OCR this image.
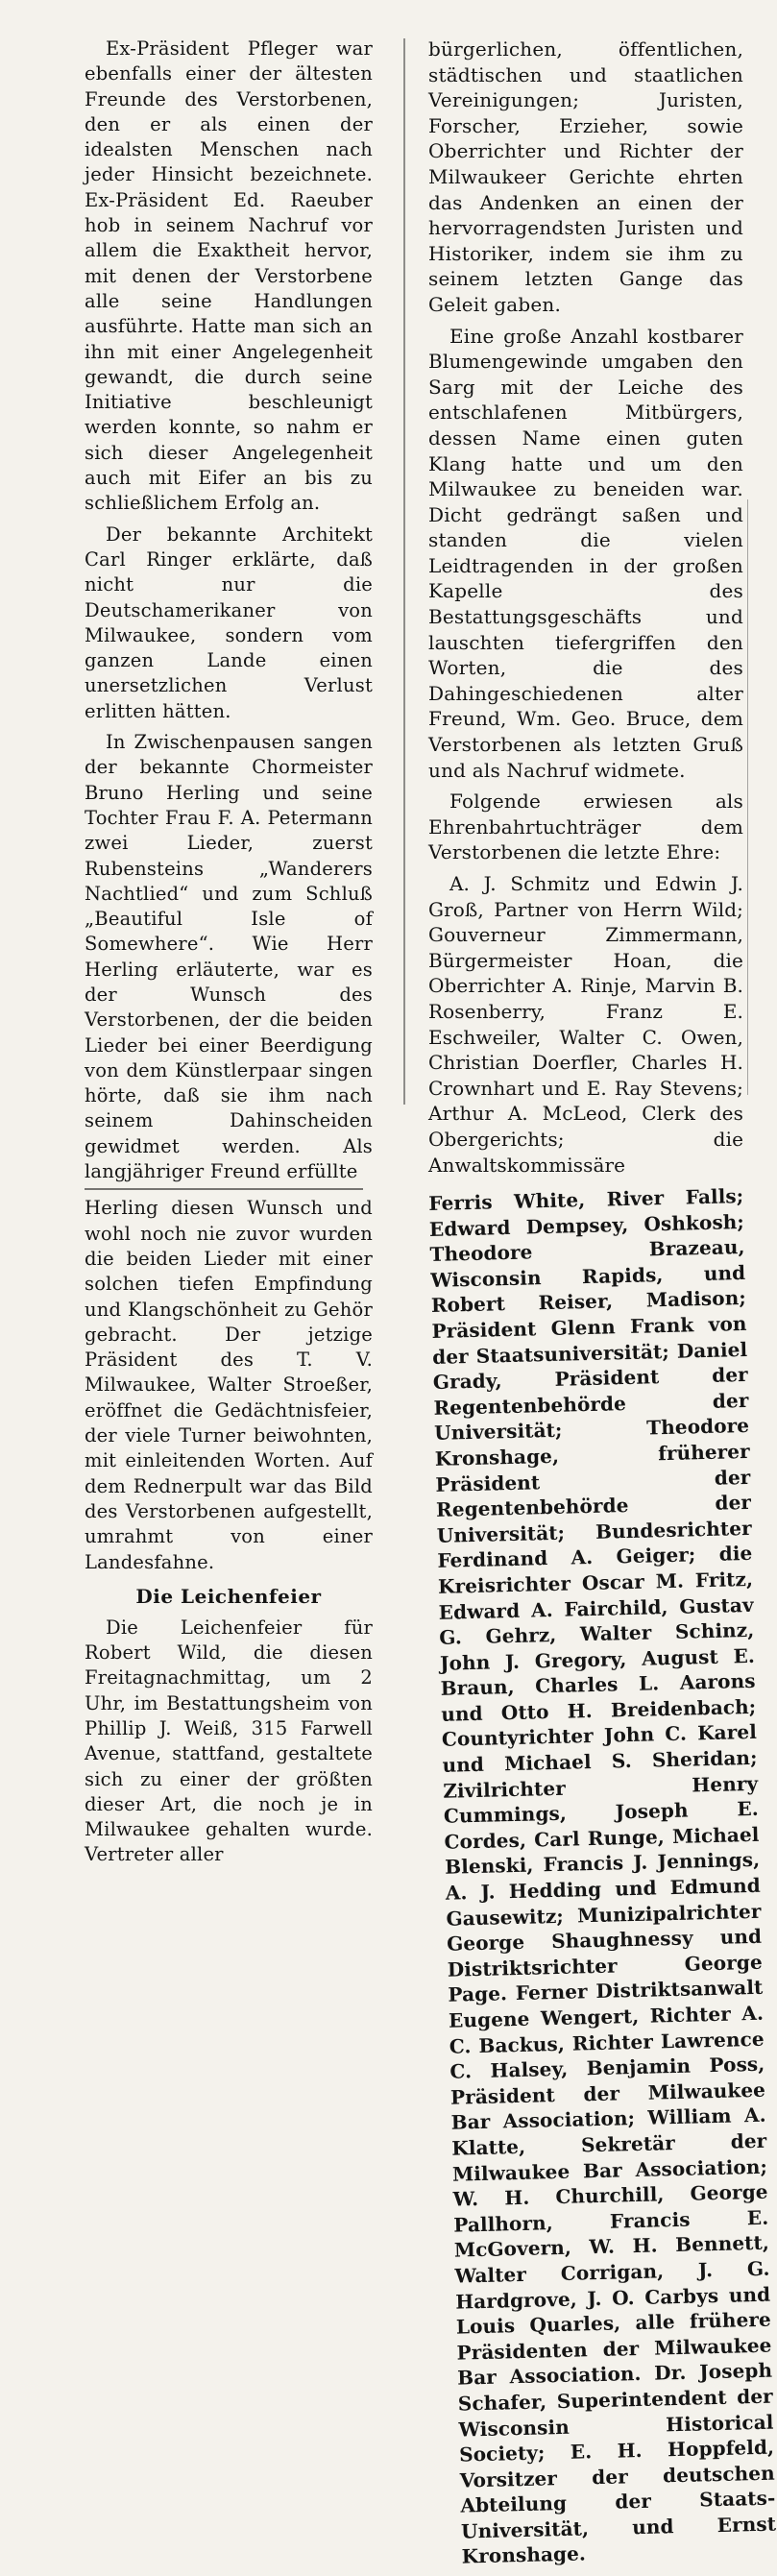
Ex-Präsident Pfleger war ebenfalls einer der ältesten Freunde des Verstorbenen, den er als einen der idealsten Menschen nach jeder Hinsicht bezeichnete. Ex-Präsident Ed. Raeuber hob in seinem Nachruf vor allem die Exaktheit hervor, mit denen der Verstorbene alle seine Handlungen ausführte. Hatte man sich an ihn mit einer Angelegenheit gewandt, die durch seine Initiative beschleunigt werden konnte, so nahm er sich dieser Angelegenheit auch mit Eifer an bis zu schließlichem Erfolg an.

Der bekannte Architekt Carl Ringer erklärte, daß nicht nur die Deutschamerikaner von Milwaukee, sondern vom ganzen Lande einen unersetzlichen Verlust erlitten hätten.

In Zwischenpausen sangen der bekannte Chormeister Bruno Herling und seine Tochter Frau F. A. Petermann zwei Lieder, zuerst Rubensteins „Wanderers Nachtlied“ und zum Schluß „Beautiful Isle of Somewhere“. Wie Herr Herling erläuterte, war es der Wunsch des Verstorbenen, der die beiden Lieder bei einer Beerdigung von dem Künstlerpaar singen hörte, daß sie ihm nach seinem Dahinscheiden gewidmet werden. Als langjähriger Freund erfüllte

Herling diesen Wunsch und wohl noch nie zuvor wurden die beiden Lieder mit einer solchen tiefen Empfindung und Klangschönheit zu Gehör gebracht. Der jetzige Präsident des T. V. Milwaukee, Walter Stroeßer, eröffnet die Gedächtnisfeier, der viele Turner beiwohnten, mit einleitenden Worten. Auf dem Rednerpult war das Bild des Verstorbenen aufgestellt, umrahmt von einer Landesfahne.

Die Leichenfeier

Die Leichenfeier für Robert Wild, die diesen Freitagnachmittag, um 2 Uhr, im Bestattungsheim von Phillip J. Weiß, 315 Farwell Avenue, stattfand, gestaltete sich zu einer der größten dieser Art, die noch je in Milwaukee gehalten wurde. Vertreter aller

bürgerlichen, öffentlichen, städtischen und staatlichen Vereinigungen; Juristen, Forscher, Erzieher, sowie Oberrichter und Richter der Milwaukeer Gerichte ehrten das Andenken an einen der hervorragendsten Juristen und Historiker, indem sie ihm zu seinem letzten Gange das Geleit gaben.

Eine große Anzahl kostbarer Blumengewinde umgaben den Sarg mit der Leiche des entschlafenen Mitbürgers, dessen Name einen guten Klang hatte und um den Milwaukee zu beneiden war. Dicht gedrängt saßen und standen die vielen Leidtragenden in der großen Kapelle des Bestattungsgeschäfts und lauschten tiefergriffen den Worten, die des Dahingeschiedenen alter Freund, Wm. Geo. Bruce, dem Verstorbenen als letzten Gruß und als Nachruf widmete.

Folgende erwiesen als Ehrenbahrtuchträger dem Verstorbenen die letzte Ehre:

A. J. Schmitz und Edwin J. Groß, Partner von Herrn Wild; Gouverneur Zimmermann, Bürgermeister Hoan, die Oberrichter A. Rinje, Marvin B. Rosenberry, Franz E. Eschweiler, Walter C. Owen, Christian Doerfler, Charles H. Crownhart und E. Ray Stevens; Arthur A. McLeod, Clerk des Obergerichts; die Anwaltskommissäre

Ferris White, River Falls; Edward Dempsey, Oshkosh; Theodore Brazeau, Wisconsin Rapids, und Robert Reiser, Madison; Präsident Glenn Frank von der Staatsuniversität; Daniel Grady, Präsident der Regentenbehörde der Universität; Theodore Kronshage, früherer Präsident der Regentenbehörde der Universität; Bundesrichter Ferdinand A. Geiger; die Kreisrichter Oscar M. Fritz, Edward A. Fairchild, Gustav G. Gehrz, Walter Schinz, John J. Gregory, August E. Braun, Charles L. Aarons und Otto H. Breidenbach; Countyrichter John C. Karel und Michael S. Sheridan; Zivilrichter Henry Cummings, Joseph E. Cordes, Carl Runge, Michael Blenski, Francis J. Jennings, A. J. Hedding und Edmund Gausewitz; Munizipalrichter George Shaughnessy und Distriktsrichter George Page. Ferner Distriktsanwalt Eugene Wengert, Richter A. C. Backus, Richter Lawrence C. Halsey, Benjamin Poss, Präsident der Milwaukee Bar Association; William A. Klatte, Sekretär der Milwaukee Bar Association; W. H. Churchill, George Pallhorn, Francis E. McGovern, W. H. Bennett, Walter Corrigan, J. G. Hardgrove, J. O. Carbys und Louis Quarles, alle frühere Präsidenten der Milwaukee Bar Association. Dr. Joseph Schafer, Superintendent der Wisconsin Historical Society; E. H. Hoppfeld, Vorsitzer der deutschen Abteilung der Staats-Universität, und Ernst Kronshage.
